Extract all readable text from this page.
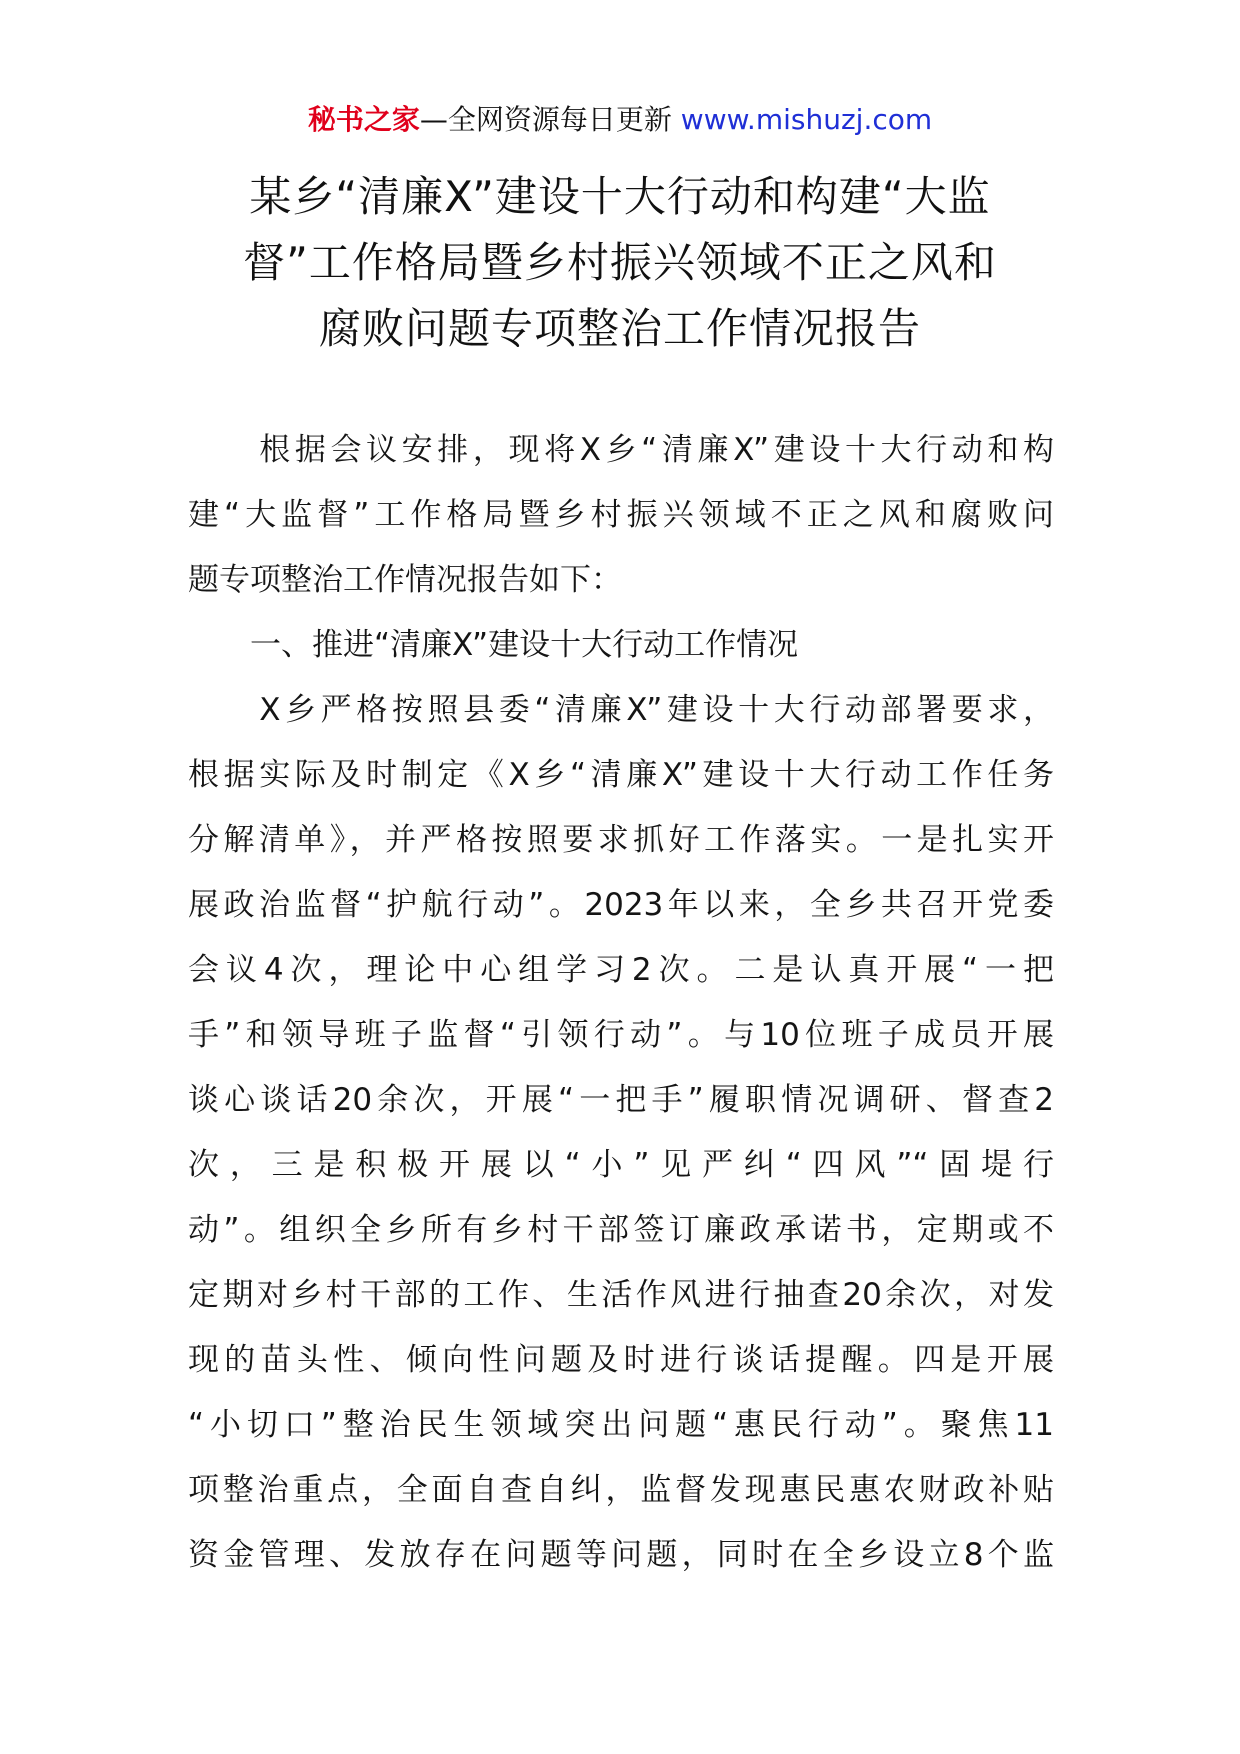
秘书之家—全网资源每日更新 www.mishuzj.com
某乡“清廉X”建设十大行动和构建“大监
督”工作格局暨乡村振兴领域不正之风和
腐败问题专项整治工作情况报告
　　根据会议安排，现将X乡“清廉X”建设十大行动和构
建“大监督”工作格局暨乡村振兴领域不正之风和腐败问
题专项整治工作情况报告如下：
　　一、推进“清廉X”建设十大行动工作情况
　　X乡严格按照县委“清廉X”建设十大行动部署要求，
根据实际及时制定《X乡“清廉X”建设十大行动工作任务
分解清单》，并严格按照要求抓好工作落实。一是扎实开
展政治监督“护航行动”。2023年以来，全乡共召开党委
会议4次，理论中心组学习2次。二是认真开展“一把
手”和领导班子监督“引领行动”。与10位班子成员开展
谈心谈话20余次，开展“一把手”履职情况调研、督查2
次，三是积极开展以“小”见严纠“四风”“固堤行
动”。组织全乡所有乡村干部签订廉政承诺书，定期或不
定期对乡村干部的工作、生活作风进行抽查20余次，对发
现的苗头性、倾向性问题及时进行谈话提醒。四是开展
“小切口”整治民生领域突出问题“惠民行动”。聚焦11
项整治重点，全面自查自纠，监督发现惠民惠农财政补贴
资金管理、发放存在问题等问题，同时在全乡设立8个监
